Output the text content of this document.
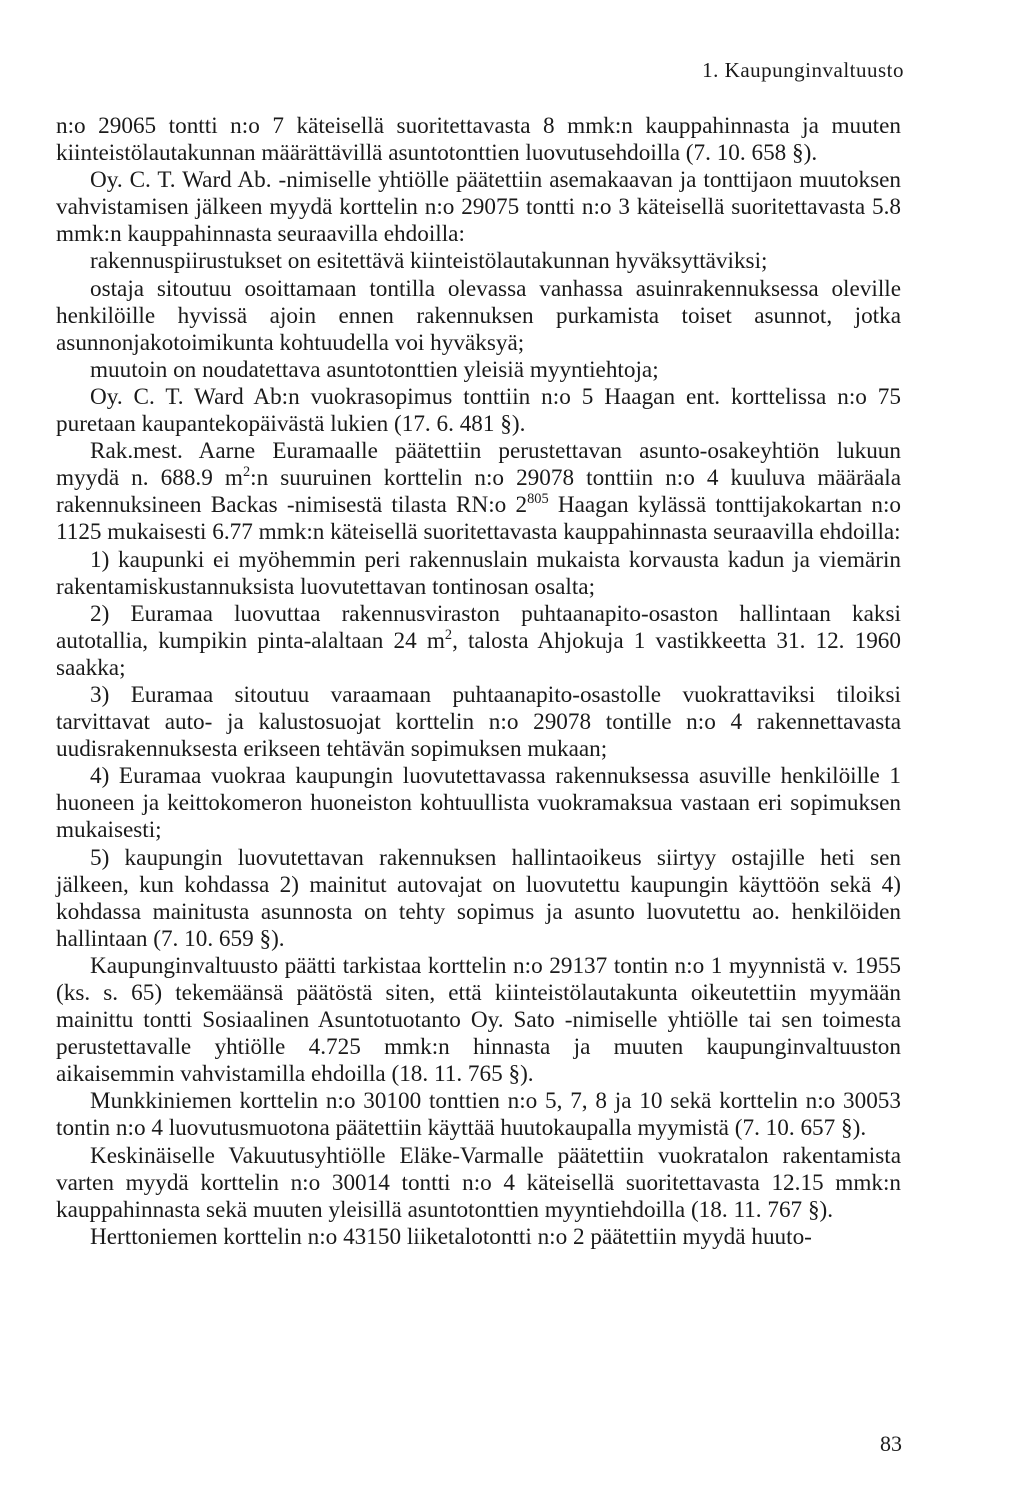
1. Kaupunginvaltuusto

n:o 29065 tontti n:o 7 käteisellä suoritettavasta 8 mmk:n kauppahinnasta ja muuten kiinteistölautakunnan määrättävillä asuntotonttien luovutusehdoilla (7. 10. 658 §).

Oy. C. T. Ward Ab. -nimiselle yhtiölle päätettiin asemakaavan ja tonttijaon muutoksen vahvistamisen jälkeen myydä korttelin n:o 29075 tontti n:o 3 käteisellä suoritettavasta 5.8 mmk:n kauppahinnasta seuraavilla ehdoilla:

rakennuspiirustukset on esitettävä kiinteistölautakunnan hyväksyttäviksi;

ostaja sitoutuu osoittamaan tontilla olevassa vanhassa asuinrakennuksessa oleville henkilöille hyvissä ajoin ennen rakennuksen purkamista toiset asunnot, jotka asunnonjakotoimikunta kohtuudella voi hyväksyä;

muutoin on noudatettava asuntotonttien yleisiä myyntiehtoja;

Oy. C. T. Ward Ab:n vuokrasopimus tonttiin n:o 5 Haagan ent. korttelissa n:o 75 puretaan kaupantekopäivästä lukien (17. 6. 481 §).

Rak.mest. Aarne Euramaalle päätettiin perustettavan asunto-osakeyhtiön lukuun myydä n. 688.9 $m^2:n$ suuruinen korttelin n:o 29078 tonttiin n:o 4 kuuluva määräala rakennuksineen Backas -nimisestä tilasta RN:o $2^{805}$ Haagan kylässä tonttijakokartan n:o 1125 mukaisesti 6.77 mmk:n käteisellä suoritettavasta kauppahinnasta seuraavilla ehdoilla:

1) kaupunki ei myöhemmin peri rakennuslain mukaista korvausta kadun ja viemärin rakentamiskustannuksista luovutettavan tontinosan osalta;

2) Euramaa luovuttaa rakennusviraston puhtaanapito-osaston hallintaan kaksi autotallia, kumpikin pinta-alaltaan 24 $m^2$, talosta Ahjokuja 1 vastikkeetta 31. 12. 1960 saakka;

3) Euramaa sitoutuu varaamaan puhtaanapito-osastolle vuokrattaviksi tiloiksi tarvittavat auto- ja kalustosuojat korttelin n:o 29078 tontille n:o 4 rakennettavasta uudisrakennuksesta erikseen tehtävän sopimuksen mukaan;

4) Euramaa vuokraa kaupungin luovutettavassa rakennuksessa asuville henkilöille 1 huoneen ja keittokomeron huoneiston kohtuullista vuokramaksua vastaan eri sopimuksen mukaisesti;

5) kaupungin luovutettavan rakennuksen hallintaoikeus siirtyy ostajille heti sen jälkeen, kun kohdassa 2) mainitut autovajat on luovutettu kaupungin käyttöön sekä 4) kohdassa mainitusta asunnosta on tehty sopimus ja asunto luovutettu ao. henkilöiden hallintaan (7. 10. 659 §).

Kaupunginvaltuusto päätti tarkistaa korttelin n:o 29137 tontin n:o 1 myynnistä v. 1955 (ks. s. 65) tekemäänsä päätöstä siten, että kiinteistölautakunta oikeutettiin myymään mainittu tontti Sosiaalinen Asuntotuotanto Oy. Sato -nimiselle yhtiölle tai sen toimesta perustettavalle yhtiölle 4.725 mmk:n hinnasta ja muuten kaupunginvaltuuston aikaisemmin vahvistamilla ehdoilla (18. 11. 765 §).

Munkkiniemen korttelin n:o 30100 tonttien n:o 5, 7, 8 ja 10 sekä korttelin n:o 30053 tontin n:o 4 luovutusmuotona päätettiin käyttää huutokaupalla myymistä (7. 10. 657 §).

Keskinäiselle Vakuutusyhtiölle Eläke-Varmalle päätettiin vuokratalon rakentamista varten myydä korttelin n:o 30014 tontti n:o 4 käteisellä suoritettavasta 12.15 mmk:n kauppahinnasta sekä muuten yleisillä asuntotonttien myyntiehdoilla (18. 11. 767 §).

Herttoniemen korttelin n:o 43150 liiketalotontti n:o 2 päätettiin myydä huuto-

83
